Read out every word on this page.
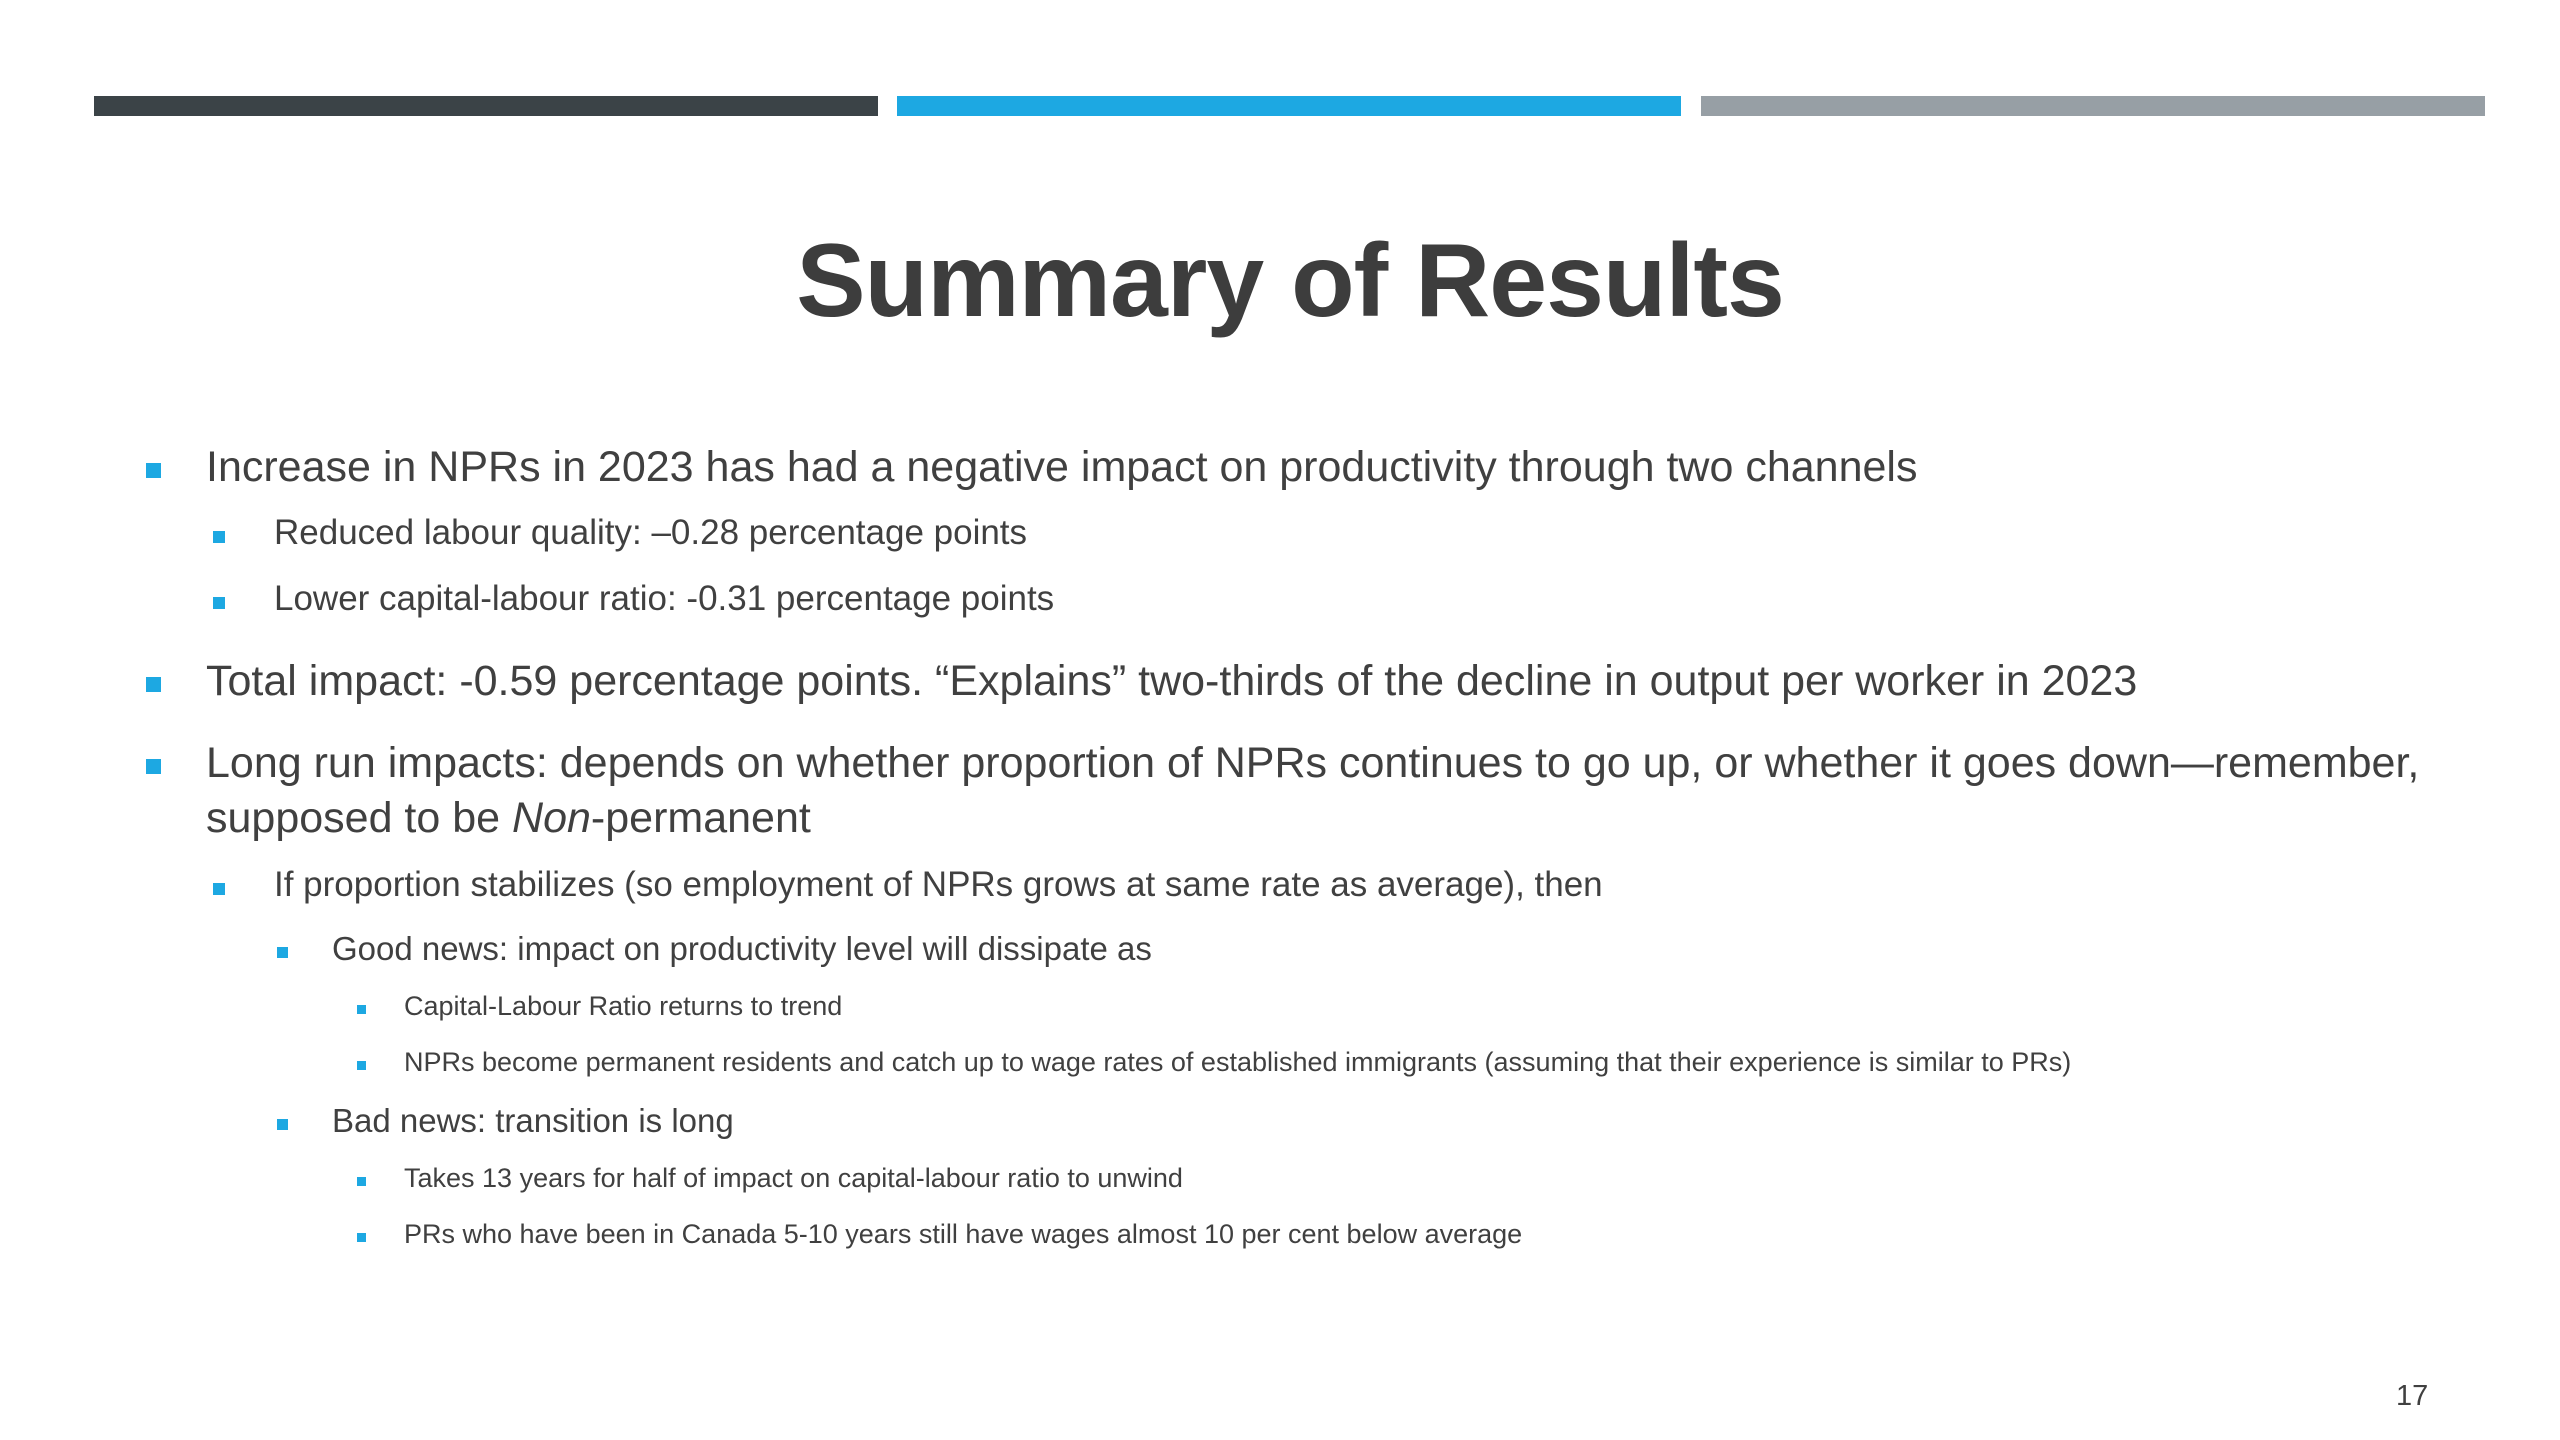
Summary of Results
Increase in NPRs in 2023 has had a negative impact on productivity through two channels
Reduced labour quality: –0.28 percentage points
Lower capital-labour ratio: -0.31 percentage points
Total impact: -0.59 percentage points. “Explains” two-thirds of the decline in output per worker in 2023
Long run impacts: depends on whether proportion of NPRs continues to go up, or whether it goes down—remember,
supposed to be Non-permanent
If proportion stabilizes (so employment of NPRs grows at same rate as average), then
Good news: impact on productivity level will dissipate as
Capital-Labour Ratio returns to trend
NPRs become permanent residents and catch up to wage rates of established immigrants (assuming that their experience is similar to PRs)
Bad news: transition is long
Takes 13 years for half of impact on capital-labour ratio to unwind
PRs who have been in Canada 5-10 years still have wages almost 10 per cent below average
17
